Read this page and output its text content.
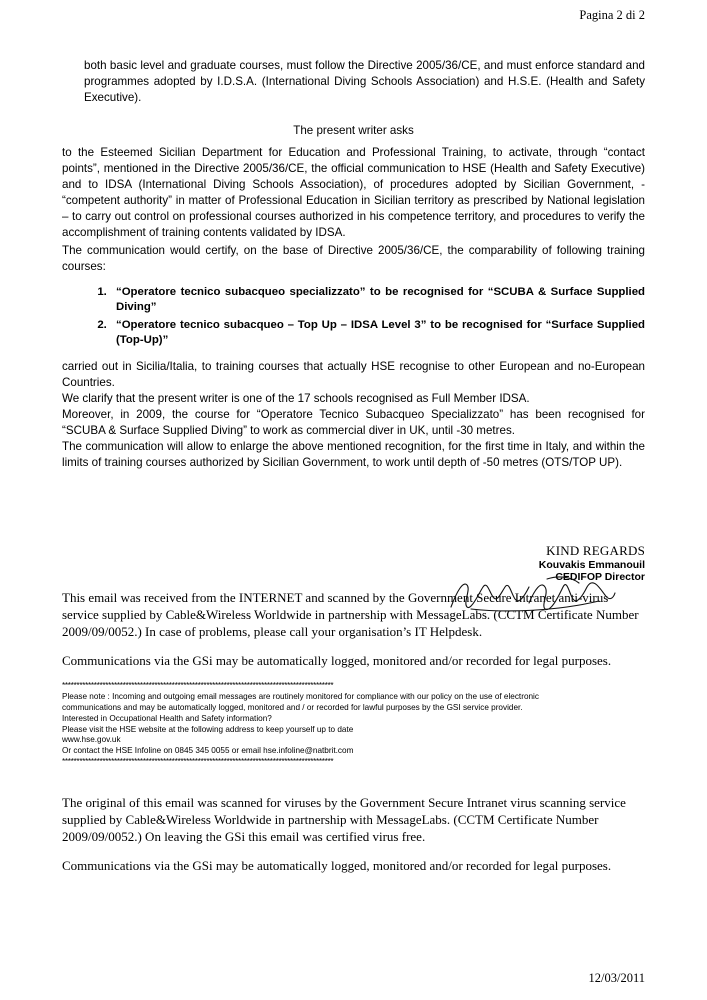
Pagina 2 di 2
both basic level and graduate courses, must follow the Directive 2005/36/CE, and must enforce standard and programmes adopted by I.D.S.A. (International Diving Schools Association) and H.S.E. (Health and Safety Executive).
The present writer asks
to the Esteemed Sicilian Department for Education and Professional Training, to activate, through “contact points”, mentioned in the Directive 2005/36/CE, the official communication to HSE (Health and Safety Executive) and to IDSA (International Diving Schools Association), of procedures adopted by Sicilian Government, - “competent authority” in matter of Professional Education in Sicilian territory as prescribed by National legislation – to carry out control on professional courses authorized in his competence territory, and procedures to verify the accomplishment of training contents validated by IDSA.
The communication would certify, on the base of Directive 2005/36/CE, the comparability of following training courses:
1. “Operatore tecnico subacqueo specializzato” to be recognised for “SCUBA & Surface Supplied Diving”
2. “Operatore tecnico subacqueo – Top Up – IDSA Level 3” to be recognised for “Surface Supplied (Top-Up)”
carried out in Sicilia/Italia, to training courses that actually HSE recognise to other European and no-European Countries.
We clarify that the present writer is one of the 17 schools recognised as Full Member IDSA.
Moreover, in 2009, the course for “Operatore Tecnico Subacqueo Specializzato” has been recognised for “SCUBA & Surface Supplied Diving” to work as commercial diver in UK, until -30 metres.
The communication will allow to enlarge the above mentioned recognition, for the first time in Italy, and within the limits of training courses authorized by Sicilian Government, to work until depth of -50 metres (OTS/TOP UP).
KIND REGARDS
Kouvakis Emmanouil
CEDIFOP Director

This email was received from the INTERNET and scanned by the Government Secure Intranet anti-virus service supplied by Cable&Wireless Worldwide in partnership with MessageLabs. (CCTM Certificate Number 2009/09/0052.) In case of problems, please call your organisation’s IT Helpdesk.

Communications via the GSi may be automatically logged, monitored and/or recorded for legal purposes.

**********************************************************************************************
Please note : Incoming and outgoing email messages are routinely monitored for compliance with our policy on the use of electronic
communications and may be automatically logged, monitored and / or recorded for lawful purposes by the GSI service provider.
Interested in Occupational Health and Safety information?
Please visit the HSE website at the following address to keep yourself up to date
www.hse.gov.uk
Or contact the HSE Infoline on 0845 345 0055 or email hse.infoline@natbrit.com
**********************************************************************************************

The original of this email was scanned for viruses by the Government Secure Intranet virus scanning service supplied by Cable&Wireless Worldwide in partnership with MessageLabs. (CCTM Certificate Number 2009/09/0052.) On leaving the GSi this email was certified virus free.

Communications via the GSi may be automatically logged, monitored and/or recorded for legal purposes.

12/03/2011
